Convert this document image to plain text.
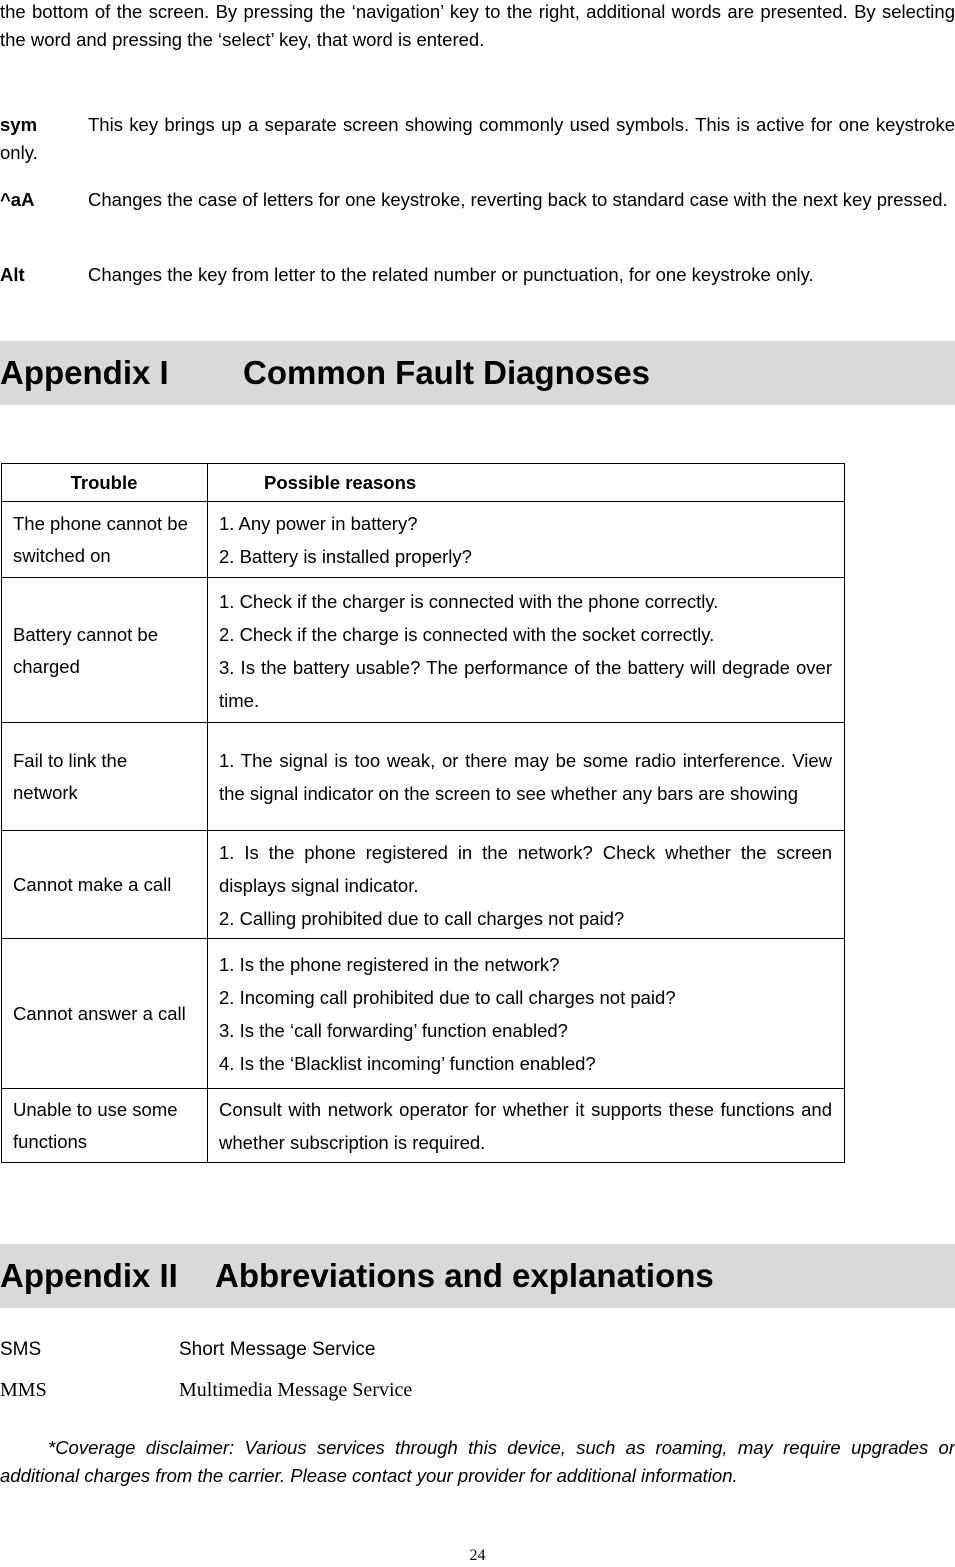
the bottom of the screen. By pressing the ‘navigation’ key to the right, additional words are presented. By selecting the word and pressing the ‘select’ key, that word is entered.
sym	This key brings up a separate screen showing commonly used symbols. This is active for one keystroke only.
^aA	Changes the case of letters for one keystroke, reverting back to standard case with the next key pressed.
Alt	Changes the key from letter to the related number or punctuation, for one keystroke only.
Appendix I Common Fault Diagnoses
Trouble	Possible reasons
The phone cannot be switched on	1. Any power in battery?
2. Battery is installed properly?

Battery cannot be charged	1. Check if the charger is connected with the phone correctly.
2. Check if the charge is connected with the socket correctly.
3. Is the battery usable? The performance of the battery will degrade over time.

Fail to link the network	1. The signal is too weak, or there may be some radio interference. View the signal indicator on the screen to see whether any bars are showing

Cannot make a call	1. Is the phone registered in the network? Check whether the screen displays signal indicator.
2. Calling prohibited due to call charges not paid?

Cannot answer a call	1. Is the phone registered in the network?
2. Incoming call prohibited due to call charges not paid?
3. Is the ‘call forwarding’ function enabled?
4. Is the ‘Blacklist incoming’ function enabled?

Unable to use some functions	Consult with network operator for whether it supports these functions and whether subscription is required.
Appendix II Abbreviations and explanations
SMS	Short Message Service
MMS	Multimedia Message Service
*Coverage disclaimer: Various services through this device, such as roaming, may require upgrades or additional charges from the carrier. Please contact your provider for additional information.
24
